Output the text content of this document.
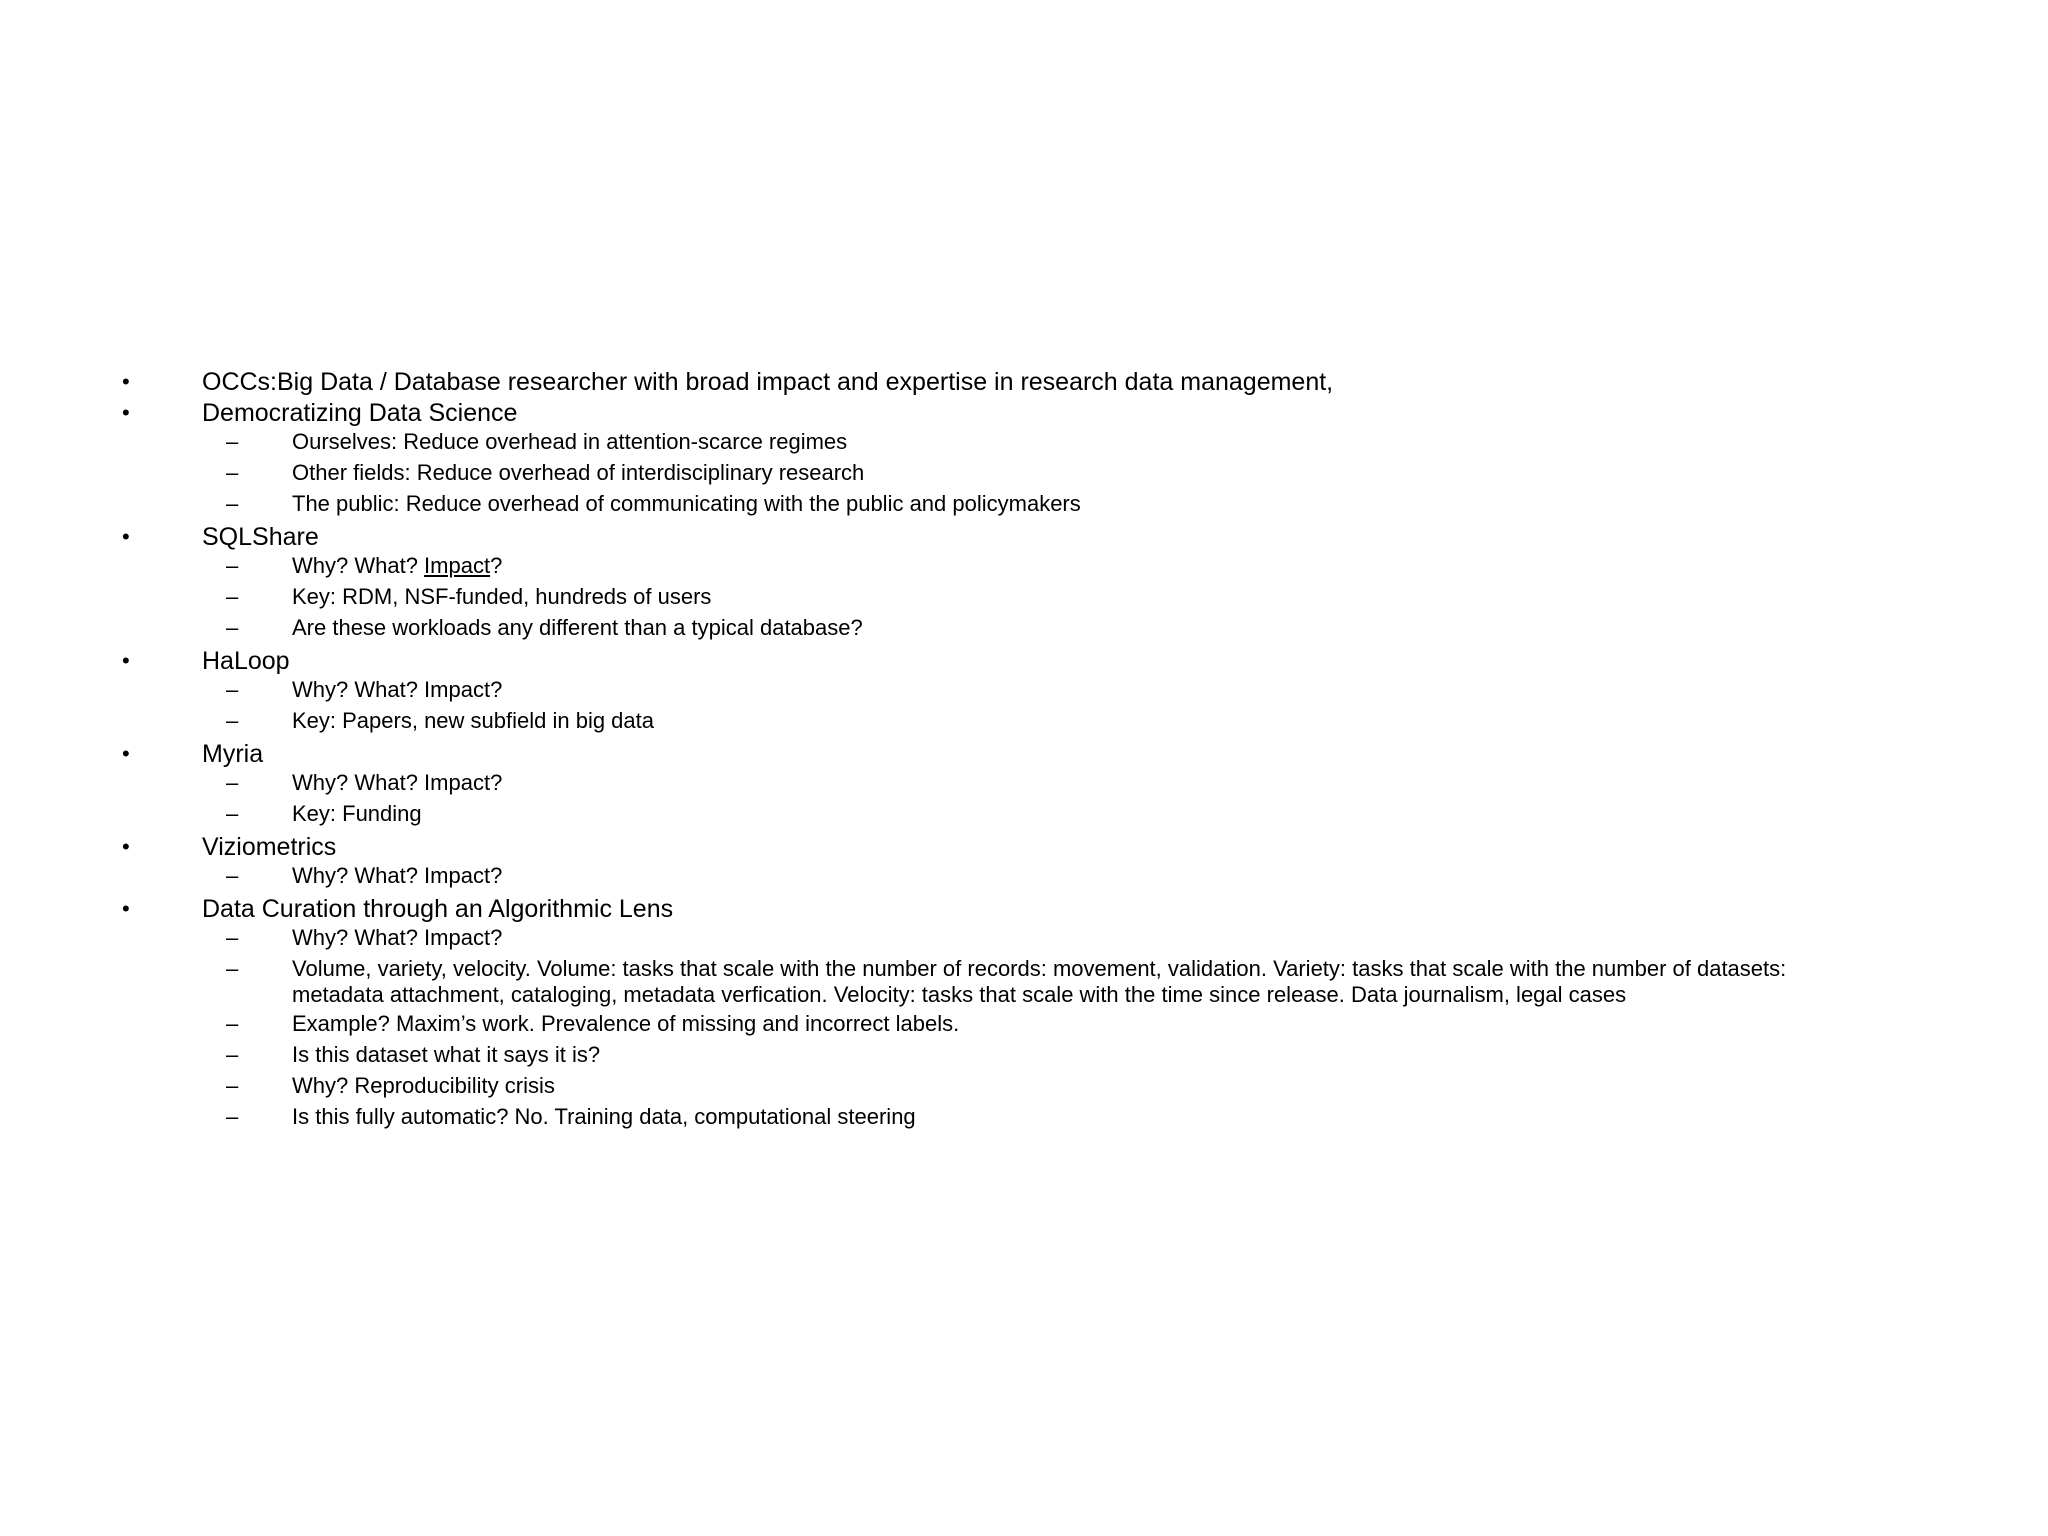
•	OCCs:Big Data / Database researcher with broad impact and expertise in research data management,
•	Democratizing Data Science
– Ourselves: Reduce overhead in attention-scarce regimes
– Other fields: Reduce overhead of interdisciplinary research
– The public: Reduce overhead of communicating with the public and policymakers
•	SQLShare
– Why? What? Impact?
– Key: RDM, NSF-funded, hundreds of users
– Are these workloads any different than a typical database?
•	HaLoop
– Why? What? Impact?
– Key: Papers, new subfield in big data
•	Myria
– Why? What? Impact?
– Key: Funding
•	Viziometrics
– Why? What? Impact?
•	Data Curation through an Algorithmic Lens
– Why? What? Impact?
– Volume, variety, velocity. Volume: tasks that scale with the number of records: movement, validation. Variety: tasks that scale with the number of datasets:
metadata attachment, cataloging, metadata verfication. Velocity: tasks that scale with the time since release. Data journalism, legal cases
– Example? Maxim’s work. Prevalence of missing and incorrect labels.
– Is this dataset what it says it is?
– Why? Reproducibility crisis
– Is this fully automatic? No. Training data, computational steering
